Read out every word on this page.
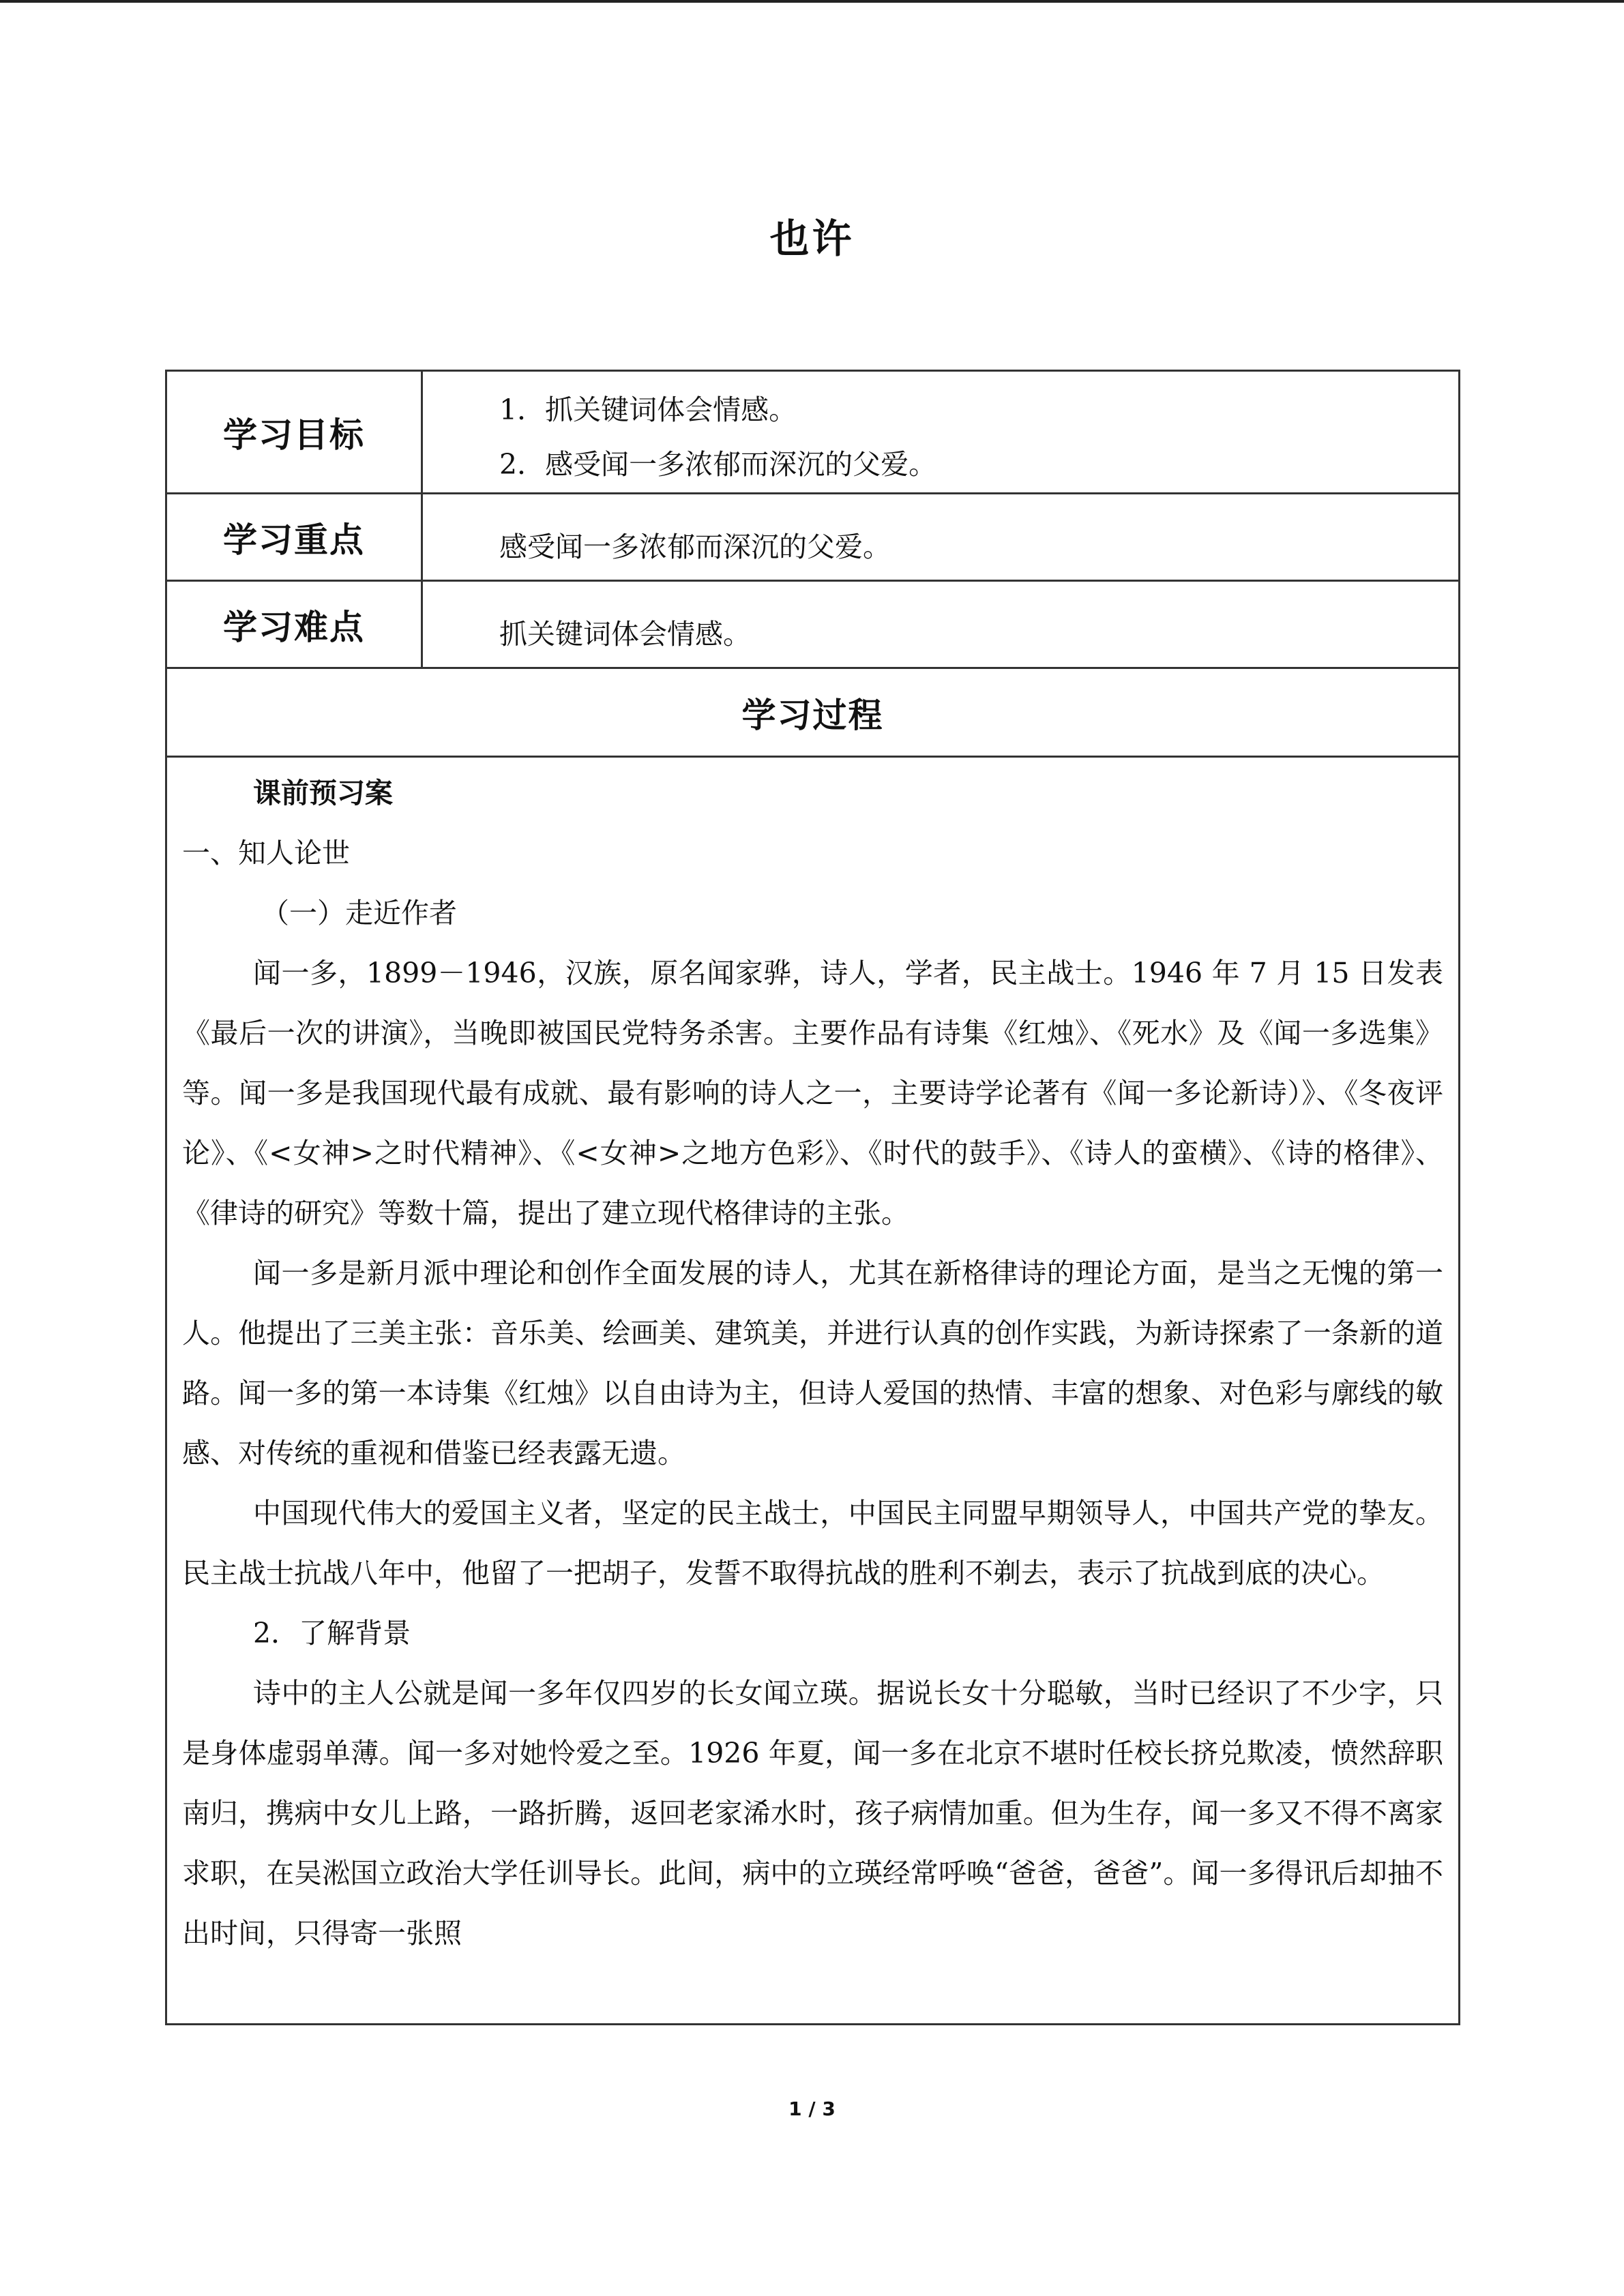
也许
学习目标
1．抓关键词体会情感。
2．感受闻一多浓郁而深沉的父爱。
学习重点	感受闻一多浓郁而深沉的父爱。
学习难点	抓关键词体会情感。
学习过程

课前预习案

一、知人论世

（一）走近作者

闻一多，1899－1946，汉族，原名闻家骅，诗人，学者，民主战士。1946 年 7 月 15 日发表《最后一次的讲演》，当晚即被国民党特务杀害。主要作品有诗集《红烛》、《死水》及《闻一多选集》等。闻一多是我国现代最有成就、最有影响的诗人之一，主要诗学论著有《闻一多论新诗）》、《冬夜评论》、《<女神>之时代精神》、《<女神>之地方色彩》、《时代的鼓手》、《诗人的蛮横》、《诗的格律》、《律诗的研究》等数十篇，提出了建立现代格律诗的主张。

闻一多是新月派中理论和创作全面发展的诗人，尤其在新格律诗的理论方面，是当之无愧的第一人。他提出了三美主张：音乐美、绘画美、建筑美，并进行认真的创作实践，为新诗探索了一条新的道路。闻一多的第一本诗集《红烛》以自由诗为主，但诗人爱国的热情、丰富的想象、对色彩与廓线的敏感、对传统的重视和借鉴已经表露无遗。

中国现代伟大的爱国主义者，坚定的民主战士，中国民主同盟早期领导人，中国共产党的挚友。民主战士抗战八年中，他留了一把胡子，发誓不取得抗战的胜利不剃去，表示了抗战到底的决心。

2．了解背景

诗中的主人公就是闻一多年仅四岁的长女闻立瑛。据说长女十分聪敏，当时已经识了不少字，只是身体虚弱单薄。闻一多对她怜爱之至。1926 年夏，闻一多在北京不堪时任校长挤兑欺凌，愤然辞职南归，携病中女儿上路，一路折腾，返回老家浠水时，孩子病情加重。但为生存，闻一多又不得不离家求职，在吴淞国立政治大学任训导长。此间，病中的立瑛经常呼唤“爸爸，爸爸”。闻一多得讯后却抽不出时间，只得寄一张照

1 / 3
